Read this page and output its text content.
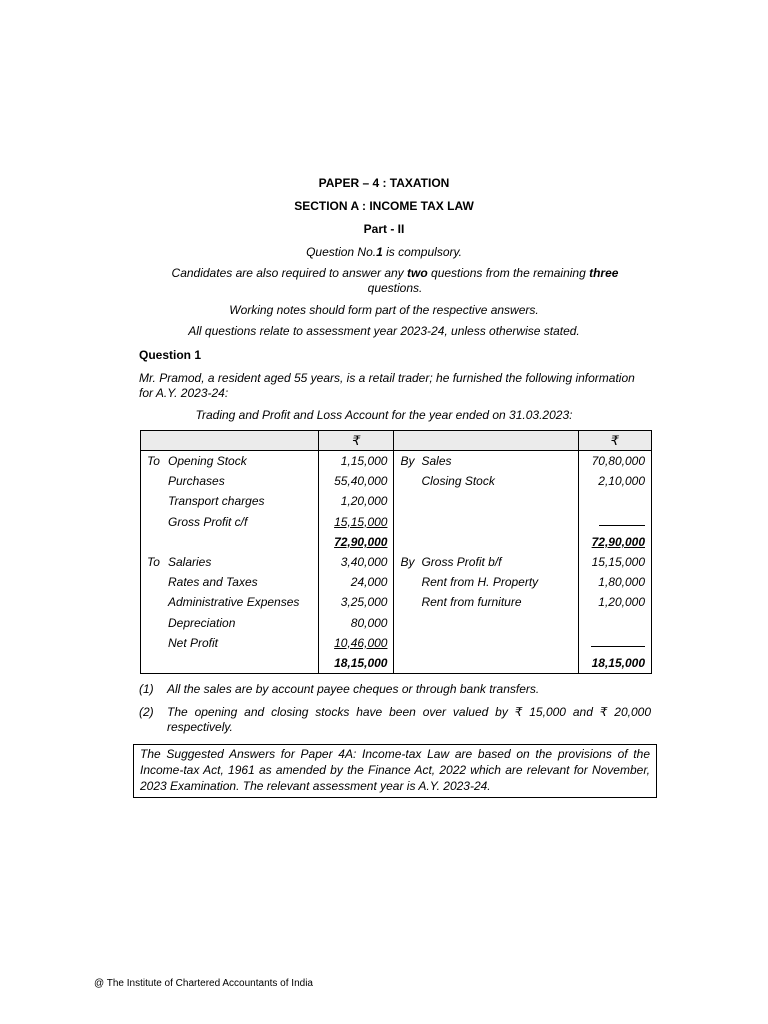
PAPER – 4 : TAXATION
SECTION A : INCOME TAX LAW
Part - II
Question No.1 is compulsory.
Candidates are also required to answer any two questions from the remaining three questions.
Working notes should form part of the respective answers.
All questions relate to assessment year 2023-24, unless otherwise stated.
Question 1
Mr. Pramod, a resident aged 55 years, is a retail trader; he furnished the following information for A.Y. 2023-24:
Trading and Profit and Loss Account for the year ended on 31.03.2023:
	₹		₹
To Opening Stock	1,15,000	By Sales	70,80,000
Purchases	55,40,000	Closing Stock	2,10,000
Transport charges	1,20,000		
Gross Profit c/f	15,15,000		
	72,90,000		72,90,000
To Salaries	3,40,000	By Gross Profit b/f	15,15,000
Rates and Taxes	24,000	Rent from H. Property	1,80,000
Administrative Expenses	3,25,000	Rent from furniture	1,20,000
Depreciation	80,000		
Net Profit	10,46,000		
	18,15,000		18,15,000
(1) All the sales are by account payee cheques or through bank transfers.
(2) The opening and closing stocks have been over valued by ₹ 15,000 and ₹ 20,000 respectively.
The Suggested Answers for Paper 4A: Income-tax Law are based on the provisions of the Income-tax Act, 1961 as amended by the Finance Act, 2022 which are relevant for November, 2023 Examination. The relevant assessment year is A.Y. 2023-24.
@ The Institute of Chartered Accountants of India
